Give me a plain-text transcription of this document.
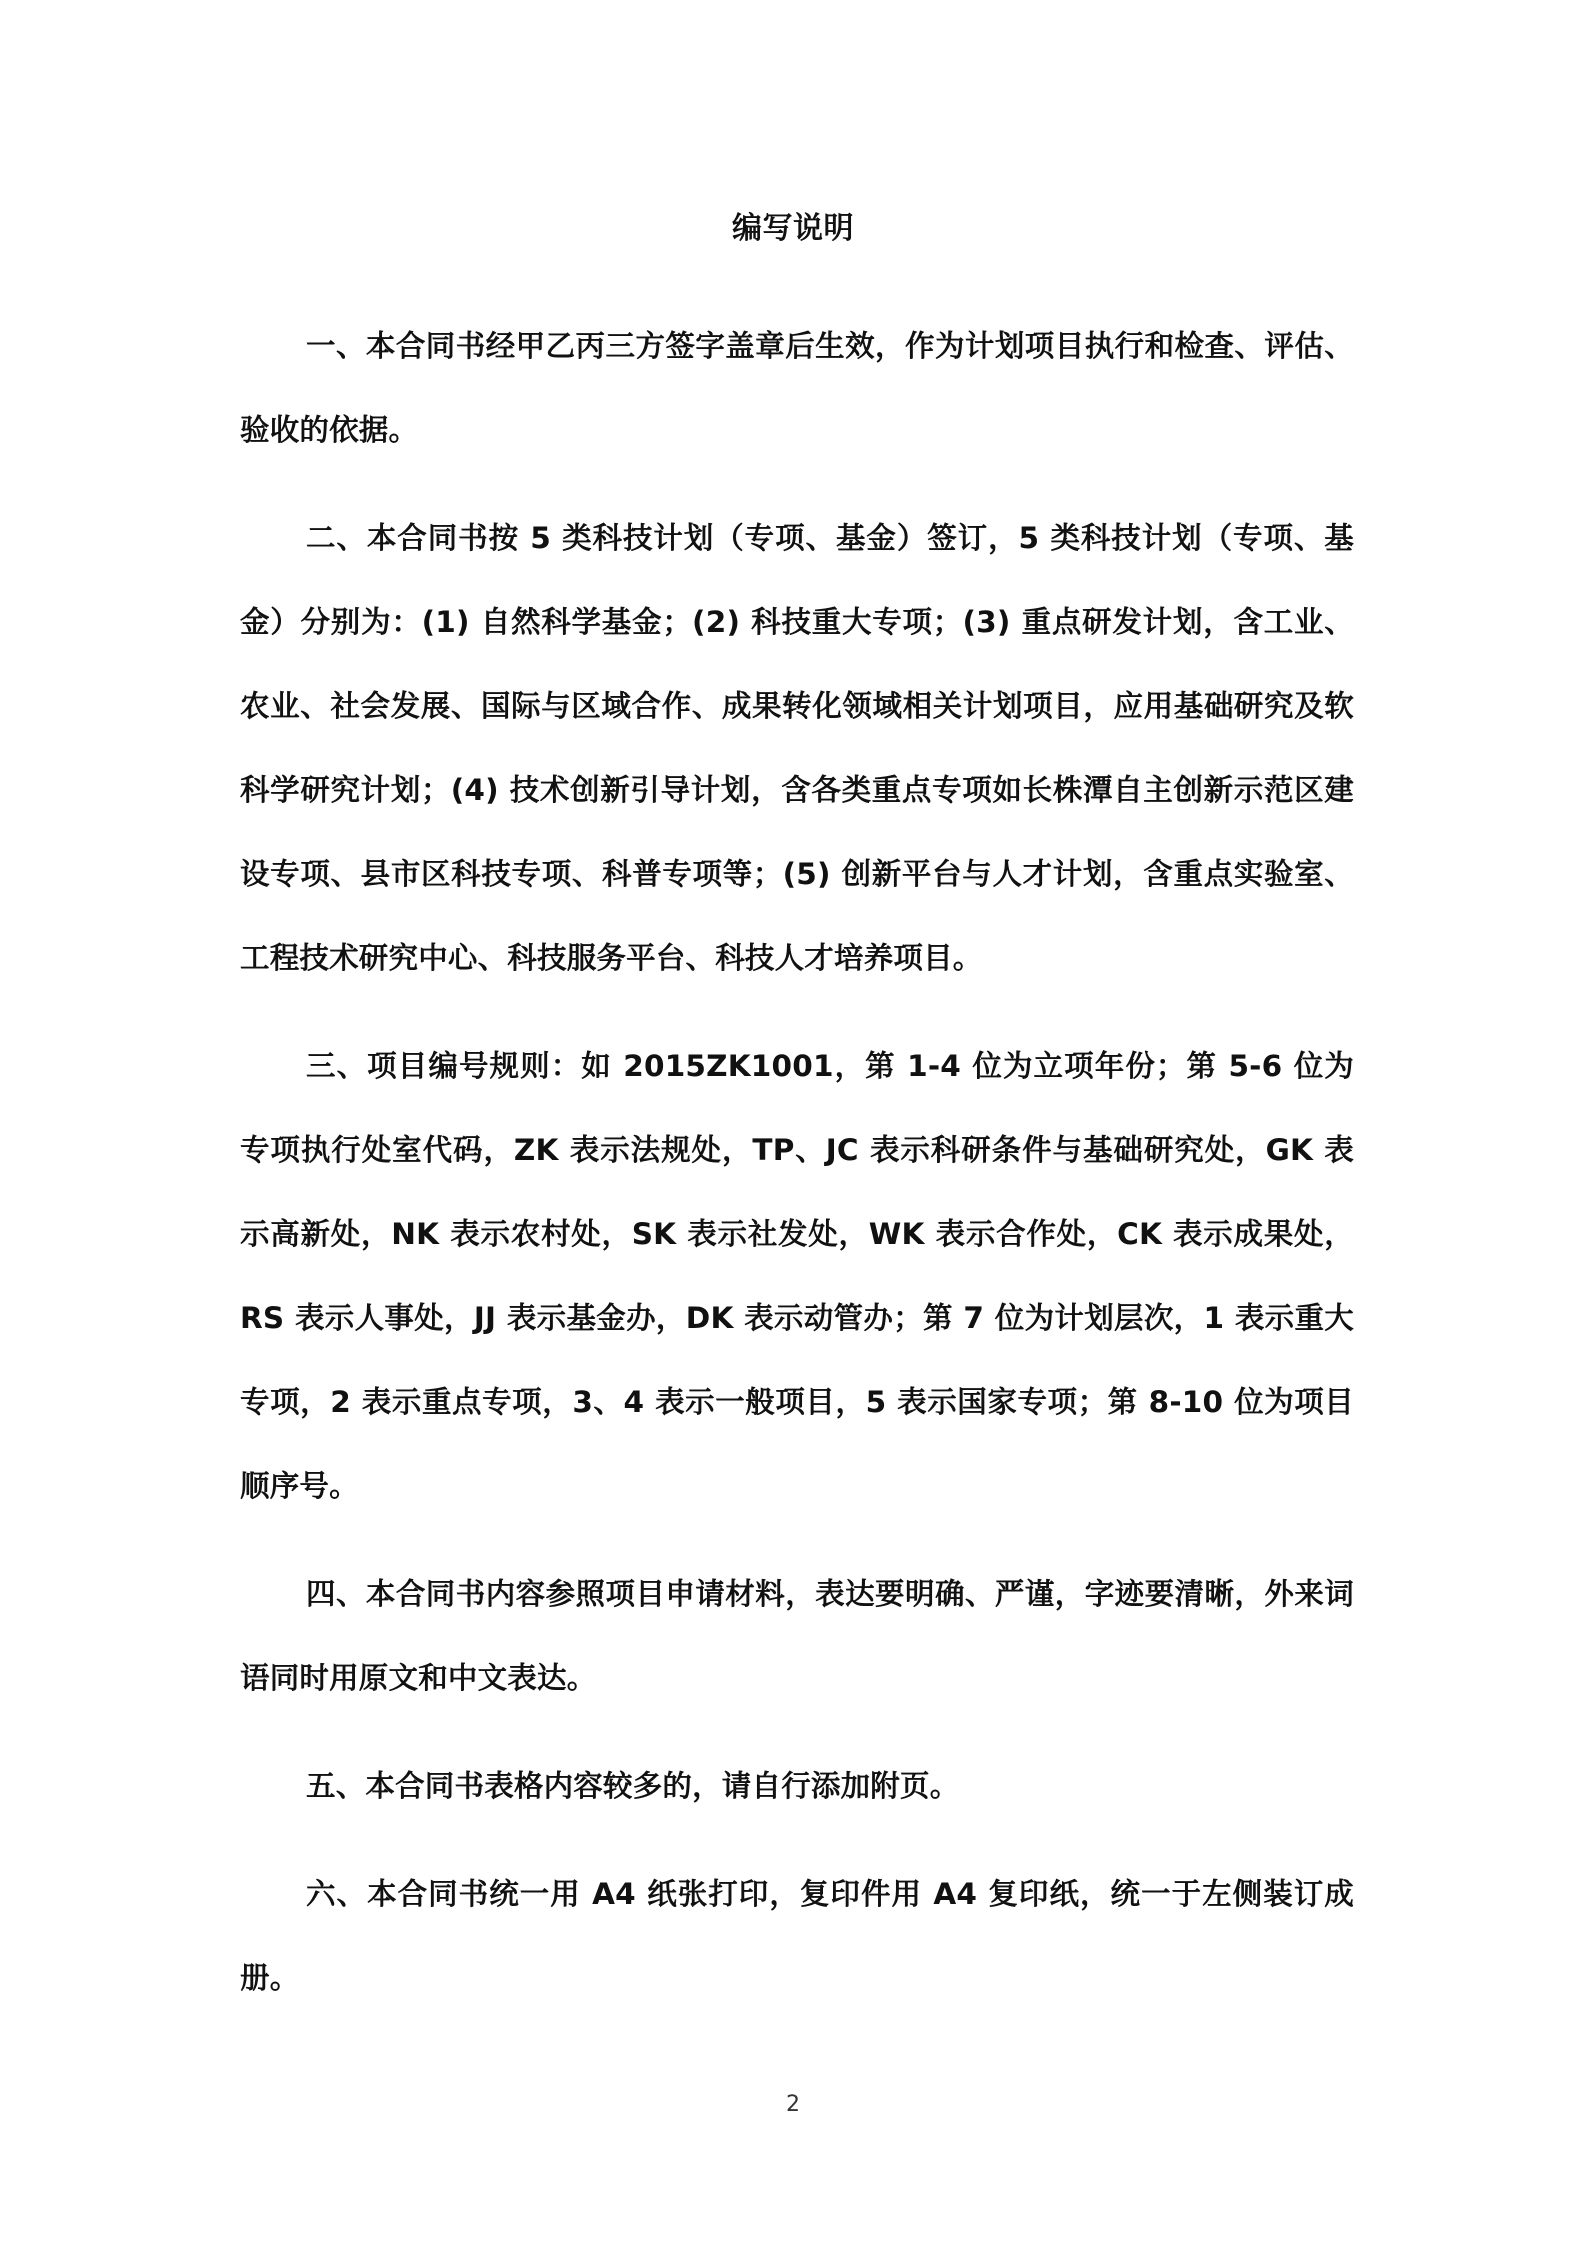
编写说明

一、本合同书经甲乙丙三方签字盖章后生效，作为计划项目执行和检查、评估、验收的依据。

二、本合同书按 5 类科技计划（专项、基金）签订，5 类科技计划（专项、基金）分别为：(1) 自然科学基金；(2) 科技重大专项；(3) 重点研发计划，含工业、农业、社会发展、国际与区域合作、成果转化领域相关计划项目，应用基础研究及软科学研究计划；(4) 技术创新引导计划，含各类重点专项如长株潭自主创新示范区建设专项、县市区科技专项、科普专项等；(5) 创新平台与人才计划，含重点实验室、工程技术研究中心、科技服务平台、科技人才培养项目。

三、项目编号规则：如 2015ZK1001，第 1-4 位为立项年份；第 5-6 位为专项执行处室代码，ZK 表示法规处，TP、JC 表示科研条件与基础研究处，GK 表示高新处，NK 表示农村处，SK 表示社发处，WK 表示合作处，CK 表示成果处，RS 表示人事处，JJ 表示基金办，DK 表示动管办；第 7 位为计划层次，1 表示重大专项，2 表示重点专项，3、4 表示一般项目，5 表示国家专项；第 8-10 位为项目顺序号。

四、本合同书内容参照项目申请材料，表达要明确、严谨，字迹要清晰，外来词语同时用原文和中文表达。

五、本合同书表格内容较多的，请自行添加附页。

六、本合同书统一用 A4 纸张打印，复印件用 A4 复印纸，统一于左侧装订成册。

2
